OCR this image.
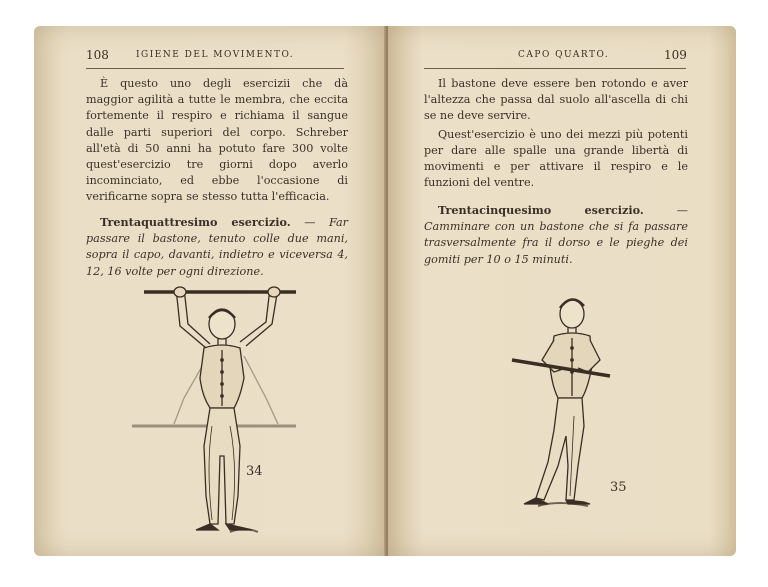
108	IGIENE DEL MOVIMENTO.

È questo uno degli esercizii che dà maggior agilità a tutte le membra, che eccita fortemente il respiro e richiama il sangue dalle parti superiori del corpo. Schreber all'età di 50 anni ha potuto fare 300 volte quest'esercizio tre giorni dopo averlo incominciato, ed ebbe l'occasione di verificarne sopra se stesso tutta l'efficacia.

Trentaquattresimo esercizio. — Far passare il bastone, tenuto colle due mani, sopra il capo, davanti, indietro e viceversa 4, 12, 16 volte per ogni direzione.

34
CAPO QUARTO.	109

Il bastone deve essere ben rotondo e aver l'altezza che passa dal suolo all'ascella di chi se ne deve servire.

Quest'esercizio è uno dei mezzi più potenti per dare alle spalle una grande libertà di movimenti e per attivare il respiro e le funzioni del ventre.

Trentacinquesimo esercizio. — Camminare con un bastone che si fa passare trasversalmente fra il dorso e le pieghe dei gomiti per 10 o 15 minuti.

35
